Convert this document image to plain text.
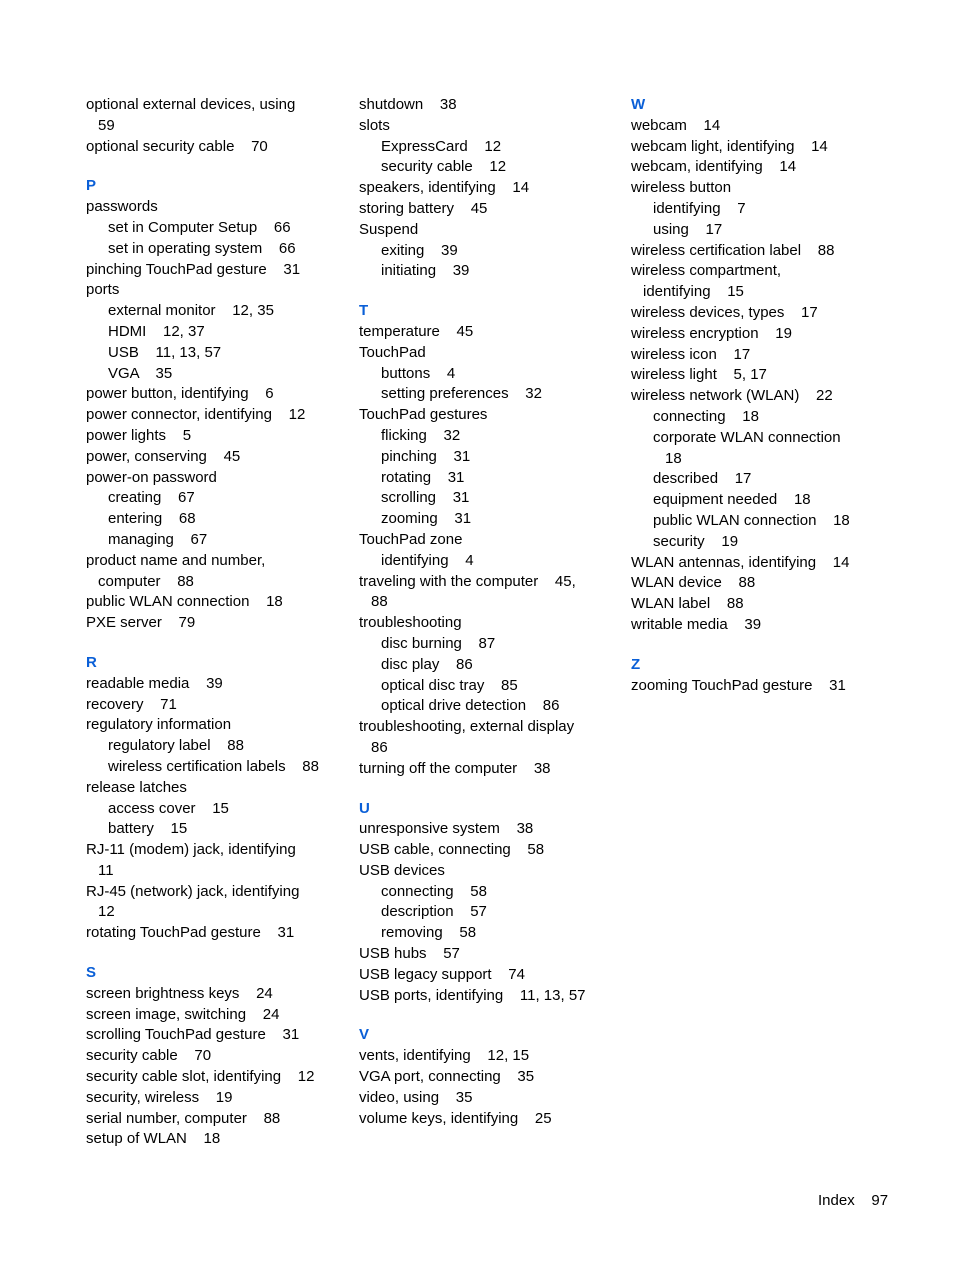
optional external devices, using
59
optional security cable    70
P
passwords
set in Computer Setup    66
set in operating system    66
pinching TouchPad gesture    31
ports
external monitor    12, 35
HDMI    12, 37
USB    11, 13, 57
VGA    35
power button, identifying    6
power connector, identifying    12
power lights    5
power, conserving    45
power-on password
creating    67
entering    68
managing    67
product name and number,
computer    88
public WLAN connection    18
PXE server    79
R
readable media    39
recovery    71
regulatory information
regulatory label    88
wireless certification labels    88
release latches
access cover    15
battery    15
RJ-11 (modem) jack, identifying
11
RJ-45 (network) jack, identifying
12
rotating TouchPad gesture    31
S
screen brightness keys    24
screen image, switching    24
scrolling TouchPad gesture    31
security cable    70
security cable slot, identifying    12
security, wireless    19
serial number, computer    88
setup of WLAN    18
shutdown    38
slots
ExpressCard    12
security cable    12
speakers, identifying    14
storing battery    45
Suspend
exiting    39
initiating    39
T
temperature    45
TouchPad
buttons    4
setting preferences    32
TouchPad gestures
flicking    32
pinching    31
rotating    31
scrolling    31
zooming    31
TouchPad zone
identifying    4
traveling with the computer    45,
88
troubleshooting
disc burning    87
disc play    86
optical disc tray    85
optical drive detection    86
troubleshooting, external display
86
turning off the computer    38
U
unresponsive system    38
USB cable, connecting    58
USB devices
connecting    58
description    57
removing    58
USB hubs    57
USB legacy support    74
USB ports, identifying    11, 13, 57
V
vents, identifying    12, 15
VGA port, connecting    35
video, using    35
volume keys, identifying    25
W
webcam    14
webcam light, identifying    14
webcam, identifying    14
wireless button
identifying    7
using    17
wireless certification label    88
wireless compartment,
identifying    15
wireless devices, types    17
wireless encryption    19
wireless icon    17
wireless light    5, 17
wireless network (WLAN)    22
connecting    18
corporate WLAN connection
18
described    17
equipment needed    18
public WLAN connection    18
security    19
WLAN antennas, identifying    14
WLAN device    88
WLAN label    88
writable media    39
Z
zooming TouchPad gesture    31
Index 97
